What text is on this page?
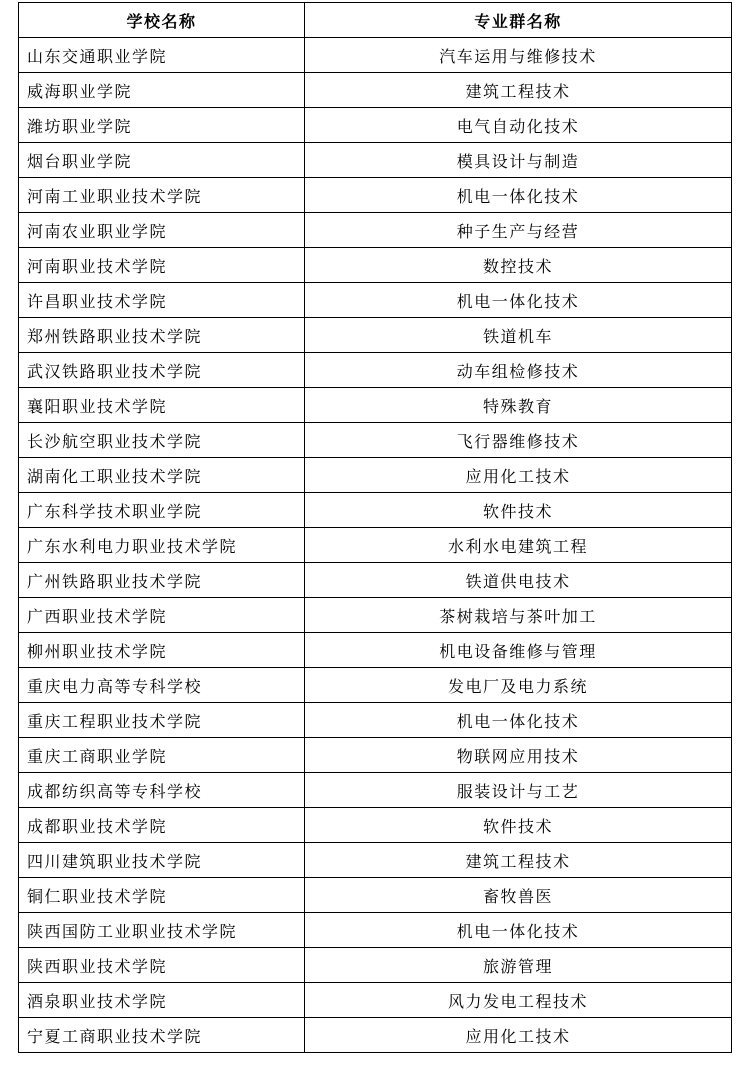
学校名称	专业群名称
山东交通职业学院	汽车运用与维修技术
威海职业学院	建筑工程技术
潍坊职业学院	电气自动化技术
烟台职业学院	模具设计与制造
河南工业职业技术学院	机电一体化技术
河南农业职业学院	种子生产与经营
河南职业技术学院	数控技术
许昌职业技术学院	机电一体化技术
郑州铁路职业技术学院	铁道机车
武汉铁路职业技术学院	动车组检修技术
襄阳职业技术学院	特殊教育
长沙航空职业技术学院	飞行器维修技术
湖南化工职业技术学院	应用化工技术
广东科学技术职业学院	软件技术
广东水利电力职业技术学院	水利水电建筑工程
广州铁路职业技术学院	铁道供电技术
广西职业技术学院	茶树栽培与茶叶加工
柳州职业技术学院	机电设备维修与管理
重庆电力高等专科学校	发电厂及电力系统
重庆工程职业技术学院	机电一体化技术
重庆工商职业学院	物联网应用技术
成都纺织高等专科学校	服装设计与工艺
成都职业技术学院	软件技术
四川建筑职业技术学院	建筑工程技术
铜仁职业技术学院	畜牧兽医
陕西国防工业职业技术学院	机电一体化技术
陕西职业技术学院	旅游管理
酒泉职业技术学院	风力发电工程技术
宁夏工商职业技术学院	应用化工技术
